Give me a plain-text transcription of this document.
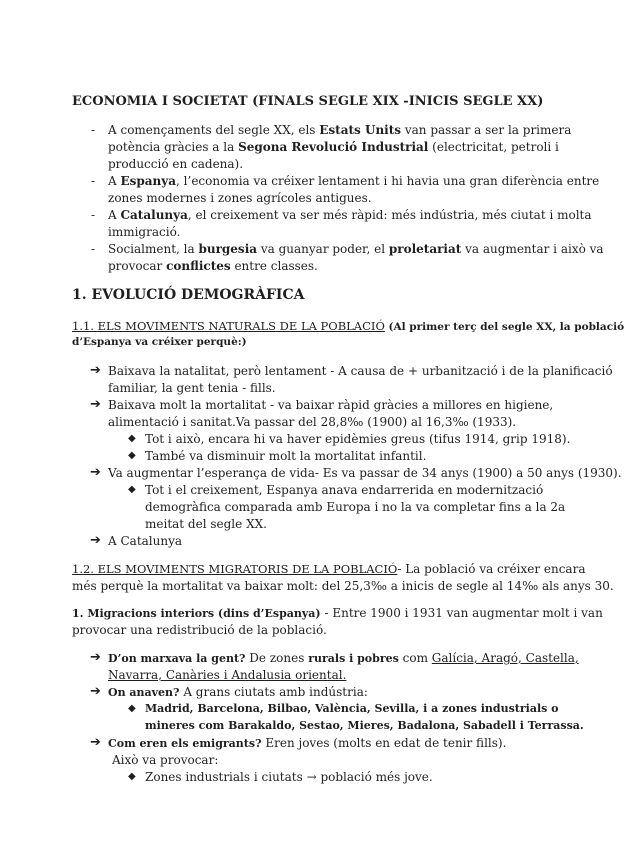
ECONOMIA I SOCIETAT (FINALS SEGLE XIX -INICIS SEGLE XX)
- A començaments del segle XX, els Estats Units van passar a ser la primera
potència gràcies a la Segona Revolució Industrial (electricitat, petroli i
producció en cadena).
- A Espanya, l’economia va créixer lentament i hi havia una gran diferència entre
zones modernes i zones agrícoles antigues.
- A Catalunya, el creixement va ser més ràpid: més indústria, més ciutat i molta
immigració.
- Socialment, la burgesia va guanyar poder, el proletariat va augmentar i això va
provocar conflictes entre classes.
1. EVOLUCIÓ DEMOGRÀFICA
1.1. ELS MOVIMENTS NATURALS DE LA POBLACIÓ (Al primer terç del segle XX, la població
d’Espanya va créixer perquè:)
➔ Baixava la natalitat, però lentament - A causa de + urbanització i de la planificació
familiar, la gent tenia - fills.
➔ Baixava molt la mortalitat - va baixar ràpid gràcies a millores en higiene,
alimentació i sanitat.Va passar del 28,8‰ (1900) al 16,3‰ (1933).
◆ Tot i això, encara hi va haver epidèmies greus (tifus 1914, grip 1918).
◆ També va disminuir molt la mortalitat infantil.
➔ Va augmentar l’esperança de vida- Es va passar de 34 anys (1900) a 50 anys (1930).
◆ Tot i el creixement, Espanya anava endarrerida en modernització
demogràfica comparada amb Europa i no la va completar fins a la 2a
meitat del segle XX.
➔ A Catalunya
1.2. ELS MOVIMENTS MIGRATORIS DE LA POBLACIÓ- La població va créixer encara
més perquè la mortalitat va baixar molt: del 25,3‰ a inicis de segle al 14‰ als anys 30.
1. Migracions interiors (dins d’Espanya) - Entre 1900 i 1931 van augmentar molt i van
provocar una redistribució de la població.
➔ D’on marxava la gent? De zones rurals i pobres com Galícia, Aragó, Castella,
Navarra, Canàries i Andalusia oriental.
➔ On anaven? A grans ciutats amb indústria:
◆ Madrid, Barcelona, Bilbao, València, Sevilla, i a zones industrials o
mineres com Barakaldo, Sestao, Mieres, Badalona, Sabadell i Terrassa.
➔ Com eren els emigrants? Eren joves (molts en edat de tenir fills).
Això va provocar:
◆ Zones industrials i ciutats → població més jove.
